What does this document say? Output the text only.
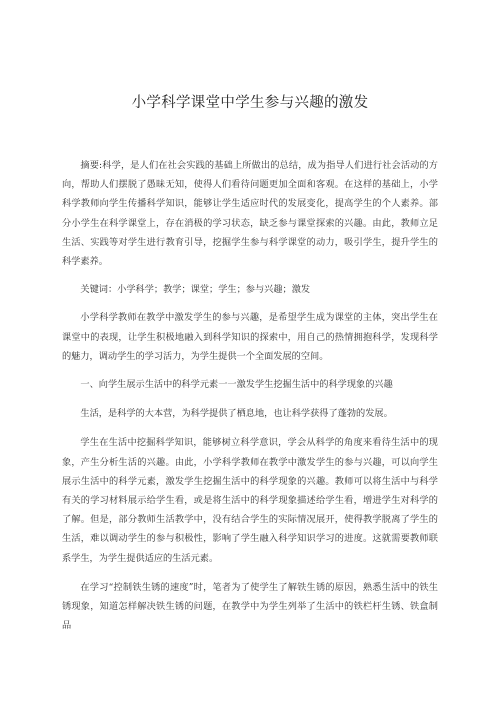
小学科学课堂中学生参与兴趣的激发

摘要:科学，是人们在社会实践的基础上所做出的总结，成为指导人们进行社会活动的方向，帮助人们摆脱了愚昧无知，使得人们看待问题更加全面和客观。在这样的基础上，小学科学教师向学生传播科学知识，能够让学生适应时代的发展变化，提高学生的个人素养。部分小学生在科学课堂上，存在消极的学习状态，缺乏参与课堂探索的兴趣。由此，教师立足生活、实践等对学生进行教育引导，挖掘学生参与科学课堂的动力，吸引学生，提升学生的科学素养。

关键词：小学科学；教学；课堂；学生；参与兴趣；激发

小学科学教师在教学中激发学生的参与兴趣，是希望学生成为课堂的主体，突出学生在课堂中的表现，让学生积极地融入到科学知识的探索中，用自己的热情拥抱科学，发现科学的魅力，调动学生的学习活力，为学生提供一个全面发展的空间。

一、向学生展示生活中的科学元素一一激发学生挖掘生活中的科学现象的兴趣

生活，是科学的大本营，为科学提供了栖息地，也让科学获得了蓬勃的发展。

学生在生活中挖掘科学知识，能够树立科学意识，学会从科学的角度来看待生活中的现象，产生分析生活的兴趣。由此，小学科学教师在教学中激发学生的参与兴趣，可以向学生展示生活中的科学元素，激发学生挖掘生活中的科学现象的兴趣。教师可以将生活中与科学有关的学习材料展示给学生看，或是将生活中的科学现象描述给学生看，增进学生对科学的了解。但是，部分教师生活教学中，没有结合学生的实际情况展开，使得教学脱离了学生的生活，难以调动学生的参与积极性，影响了学生融入科学知识学习的进度。这就需要教师联系学生，为学生提供适应的生活元素。

在学习“控制铁生锈的速度”时，笔者为了使学生了解铁生锈的原因，熟悉生活中的铁生锈现象，知道怎样解决铁生锈的问题，在教学中为学生列举了生活中的铁栏杆生锈、铁盒制品
